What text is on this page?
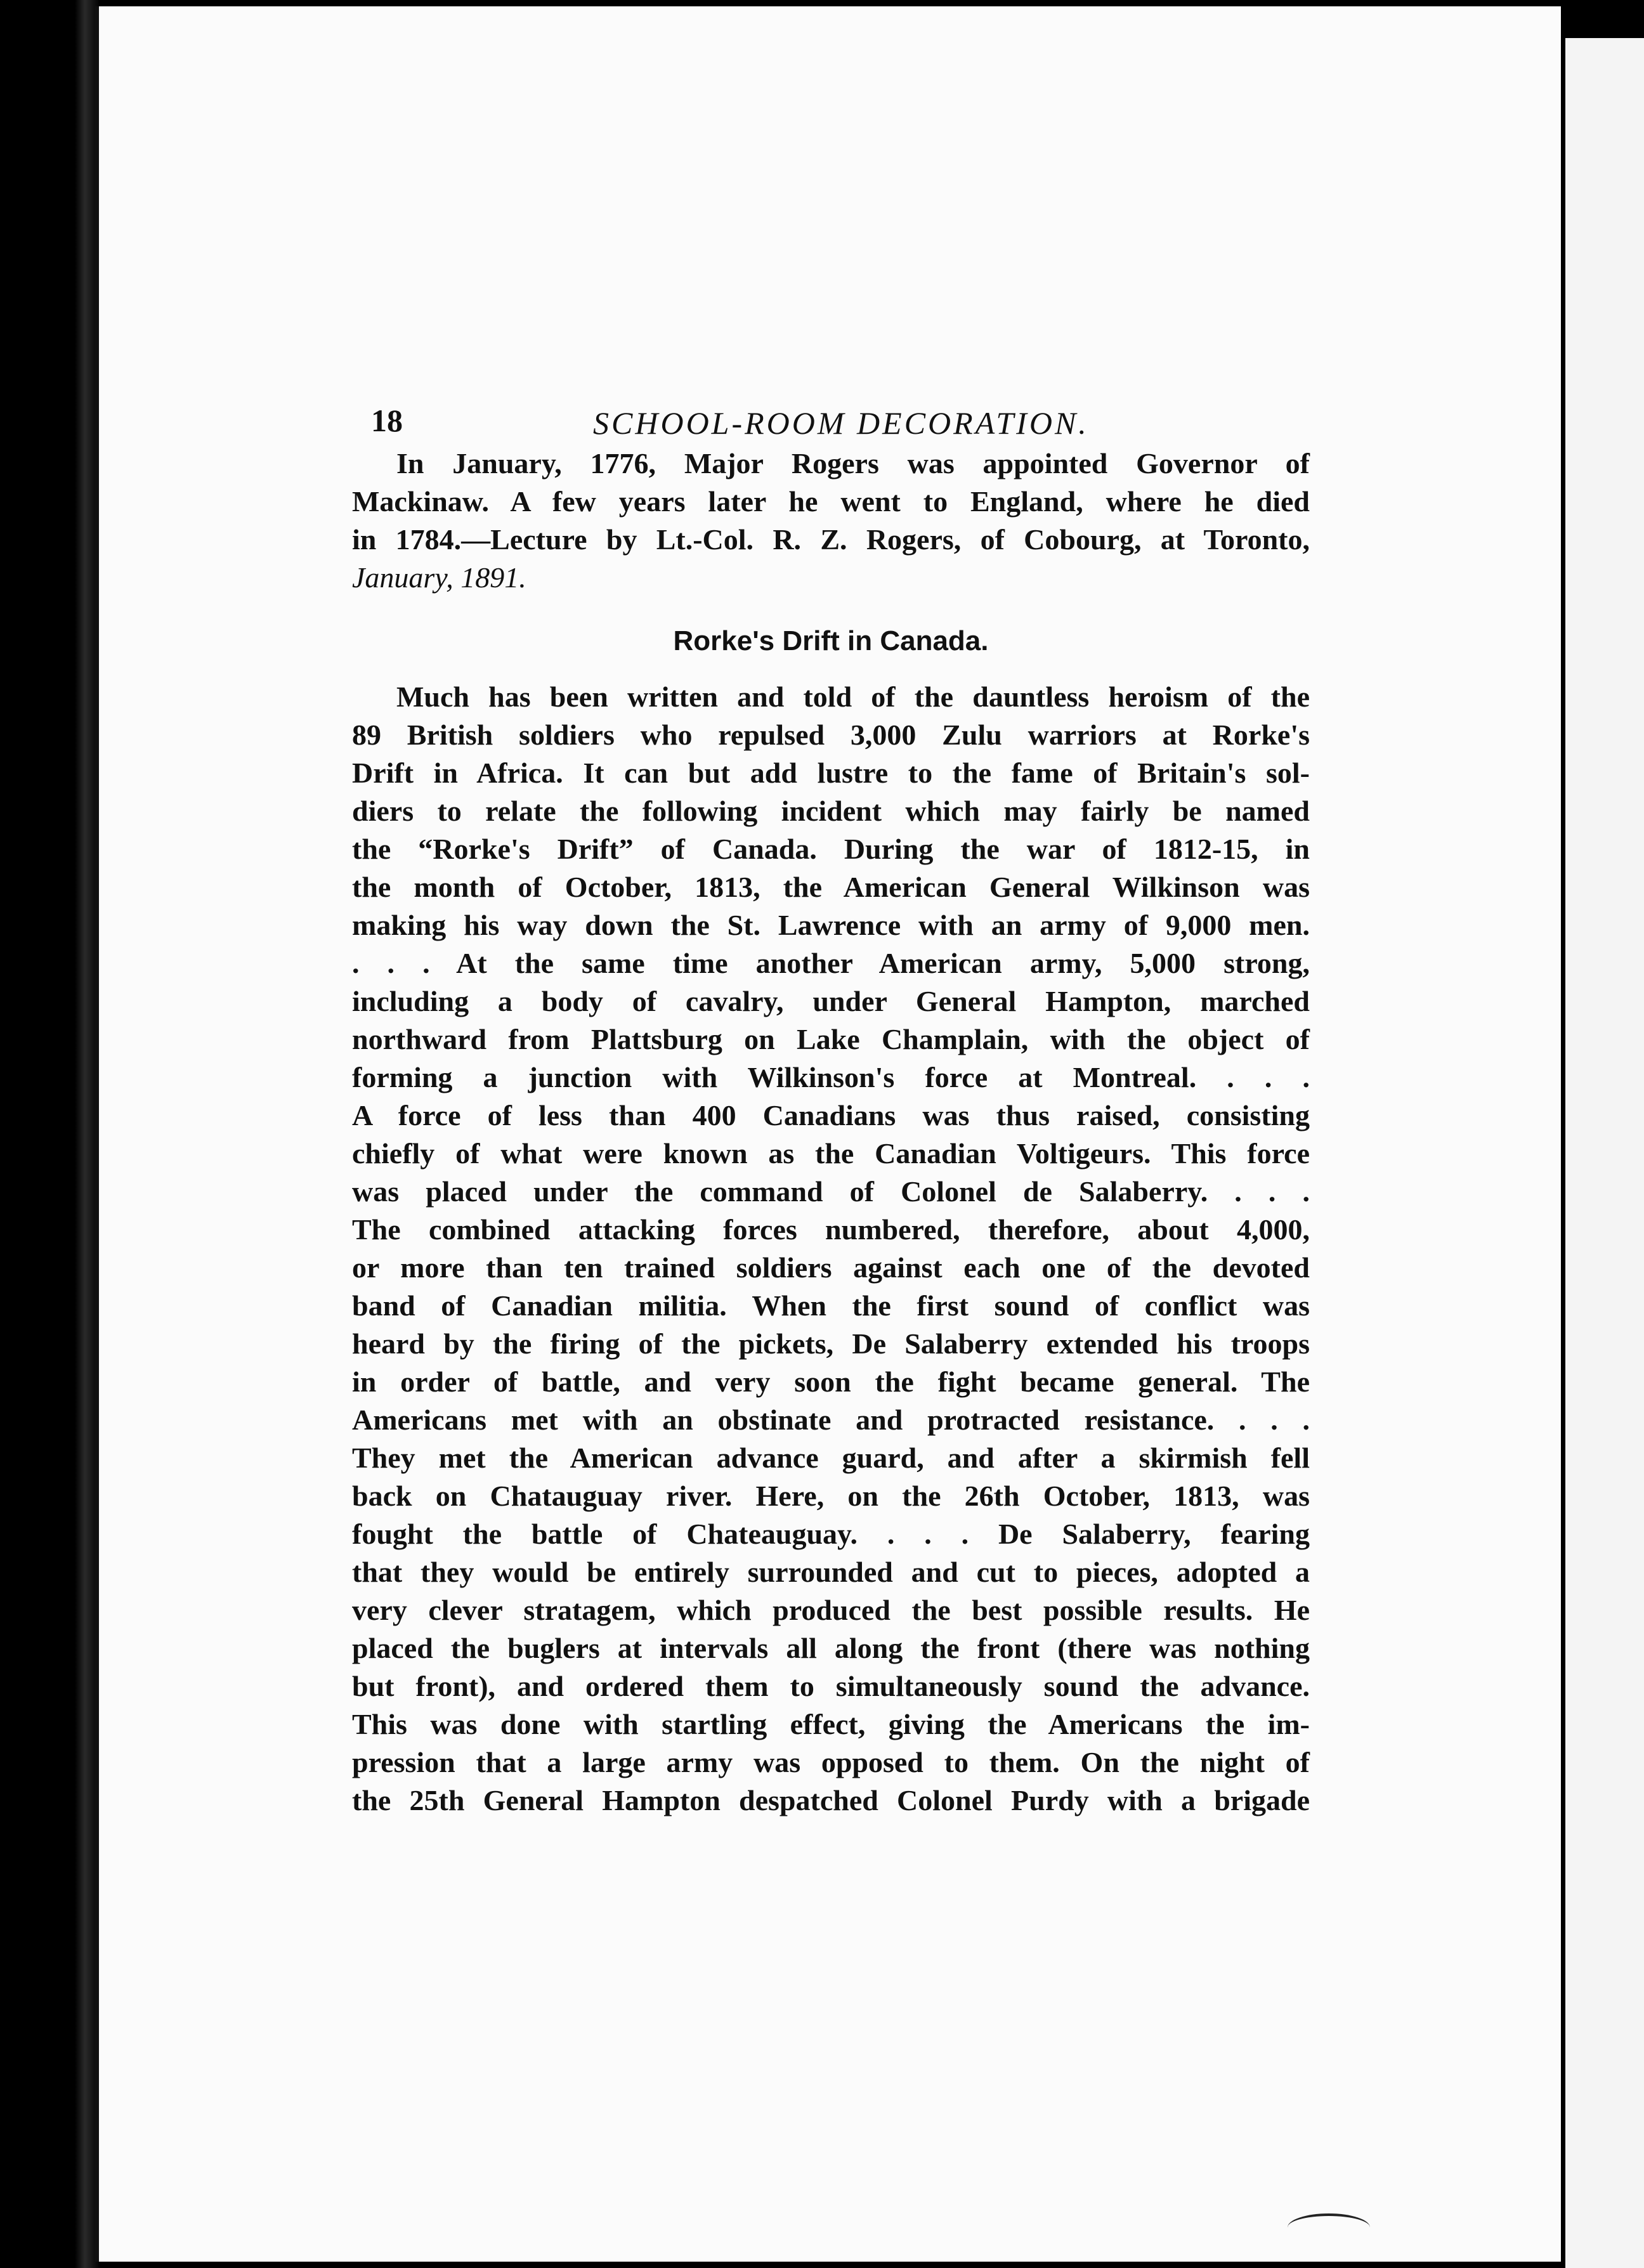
18	SCHOOL-ROOM DECORATION.
In January, 1776, Major Rogers was appointed Governor of
Mackinaw. A few years later he went to England, where he died
in 1784.—Lecture by Lt.-Col. R. Z. Rogers, of Cobourg, at Toronto,
January, 1891.
Rorke's Drift in Canada.
Much has been written and told of the dauntless heroism of the
89 British soldiers who repulsed 3,000 Zulu warriors at Rorke's
Drift in Africa. It can but add lustre to the fame of Britain's sol-
diers to relate the following incident which may fairly be named
the “Rorke's Drift” of Canada. During the war of 1812-15, in
the month of October, 1813, the American General Wilkinson was
making his way down the St. Lawrence with an army of 9,000 men.
. . . At the same time another American army, 5,000 strong,
including a body of cavalry, under General Hampton, marched
northward from Plattsburg on Lake Champlain, with the object of
forming a junction with Wilkinson's force at Montreal. . . .
A force of less than 400 Canadians was thus raised, consisting
chiefly of what were known as the Canadian Voltigeurs. This force
was placed under the command of Colonel de Salaberry. . . .
The combined attacking forces numbered, therefore, about 4,000,
or more than ten trained soldiers against each one of the devoted
band of Canadian militia. When the first sound of conflict was
heard by the firing of the pickets, De Salaberry extended his troops
in order of battle, and very soon the fight became general. The
Americans met with an obstinate and protracted resistance. . . .
They met the American advance guard, and after a skirmish fell
back on Chatauguay river. Here, on the 26th October, 1813, was
fought the battle of Chateauguay. . . . De Salaberry, fearing
that they would be entirely surrounded and cut to pieces, adopted a
very clever stratagem, which produced the best possible results. He
placed the buglers at intervals all along the front (there was nothing
but front), and ordered them to simultaneously sound the advance.
This was done with startling effect, giving the Americans the im-
pression that a large army was opposed to them. On the night of
the 25th General Hampton despatched Colonel Purdy with a brigade
